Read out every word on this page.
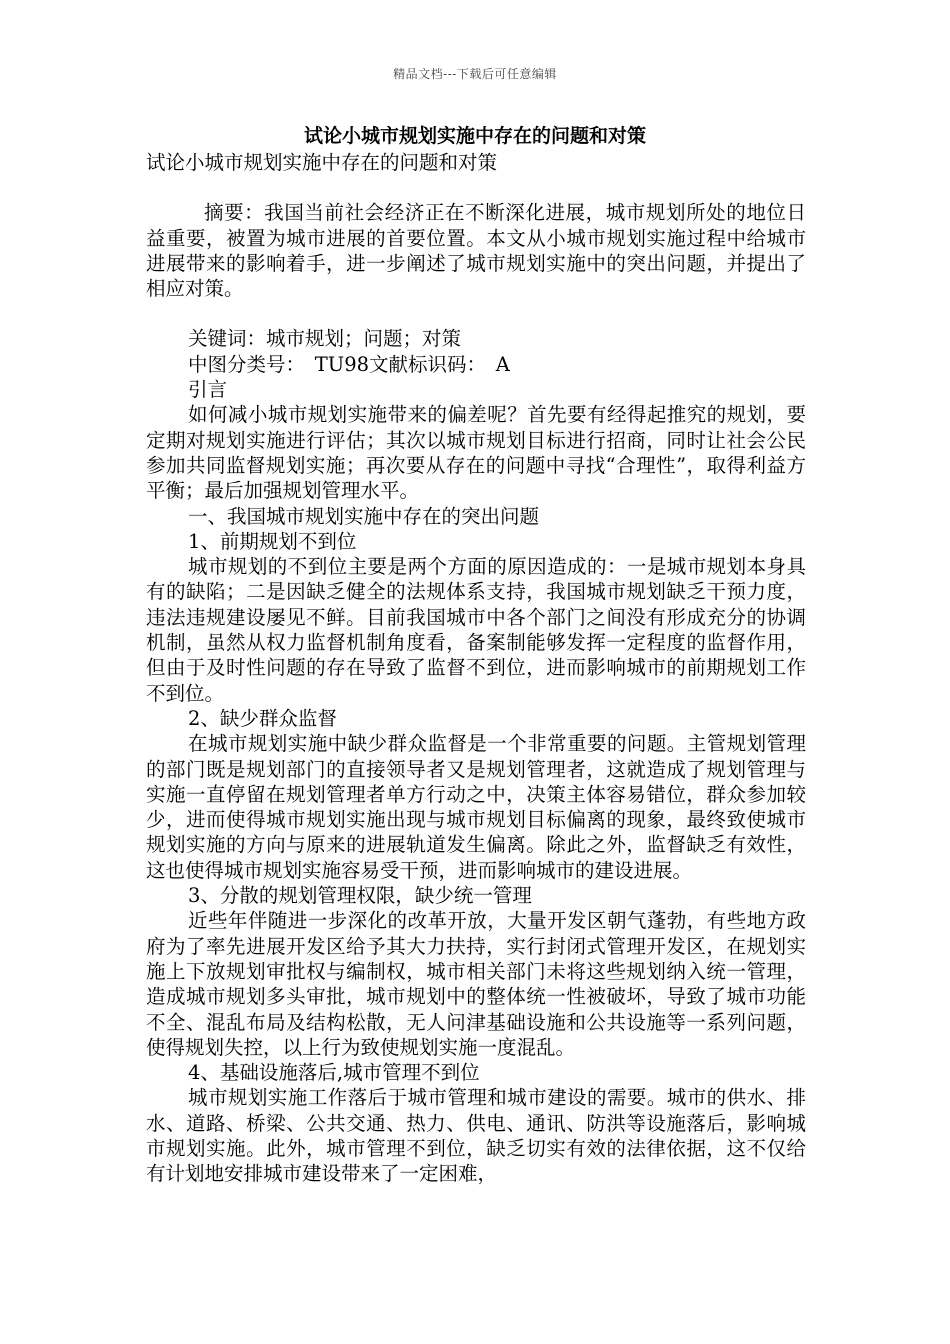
精品文档---下载后可任意编辑
试论小城市规划实施中存在的问题和对策

试论小城市规划实施中存在的问题和对策

摘要：我国当前社会经济正在不断深化进展，城市规划所处的地位日益重要，被置为城市进展的首要位置。本文从小城市规划实施过程中给城市进展带来的影响着手，进一步阐述了城市规划实施中的突出问题，并提出了相应对策。

关键词：城市规划；问题；对策

中图分类号：　TU98文献标识码：　A

引言

如何减小城市规划实施带来的偏差呢？首先要有经得起推究的规划，要定期对规划实施进行评估；其次以城市规划目标进行招商，同时让社会公民参加共同监督规划实施；再次要从存在的问题中寻找“合理性”，取得利益方平衡；最后加强规划管理水平。

一、我国城市规划实施中存在的突出问题

1、前期规划不到位

城市规划的不到位主要是两个方面的原因造成的：一是城市规划本身具有的缺陷；二是因缺乏健全的法规体系支持，我国城市规划缺乏干预力度，违法违规建设屡见不鲜。目前我国城市中各个部门之间没有形成充分的协调机制，虽然从权力监督机制角度看，备案制能够发挥一定程度的监督作用，但由于及时性问题的存在导致了监督不到位，进而影响城市的前期规划工作不到位。

2、缺少群众监督

在城市规划实施中缺少群众监督是一个非常重要的问题。主管规划管理的部门既是规划部门的直接领导者又是规划管理者，这就造成了规划管理与实施一直停留在规划管理者单方行动之中，决策主体容易错位，群众参加较少，进而使得城市规划实施出现与城市规划目标偏离的现象，最终致使城市规划实施的方向与原来的进展轨道发生偏离。除此之外，监督缺乏有效性，这也使得城市规划实施容易受干预，进而影响城市的建设进展。

3、分散的规划管理权限，缺少统一管理

近些年伴随进一步深化的改革开放，大量开发区朝气蓬勃，有些地方政府为了率先进展开发区给予其大力扶持，实行封闭式管理开发区，在规划实施上下放规划审批权与编制权，城市相关部门未将这些规划纳入统一管理，造成城市规划多头审批，城市规划中的整体统一性被破坏，导致了城市功能不全、混乱布局及结构松散，无人问津基础设施和公共设施等一系列问题，使得规划失控，以上行为致使规划实施一度混乱。

4、基础设施落后,城市管理不到位

城市规划实施工作落后于城市管理和城市建设的需要。城市的供水、排水、道路、桥梁、公共交通、热力、供电、通讯、防洪等设施落后，影响城市规划实施。此外，城市管理不到位，缺乏切实有效的法律依据，这不仅给有计划地安排城市建设带来了一定困难，
